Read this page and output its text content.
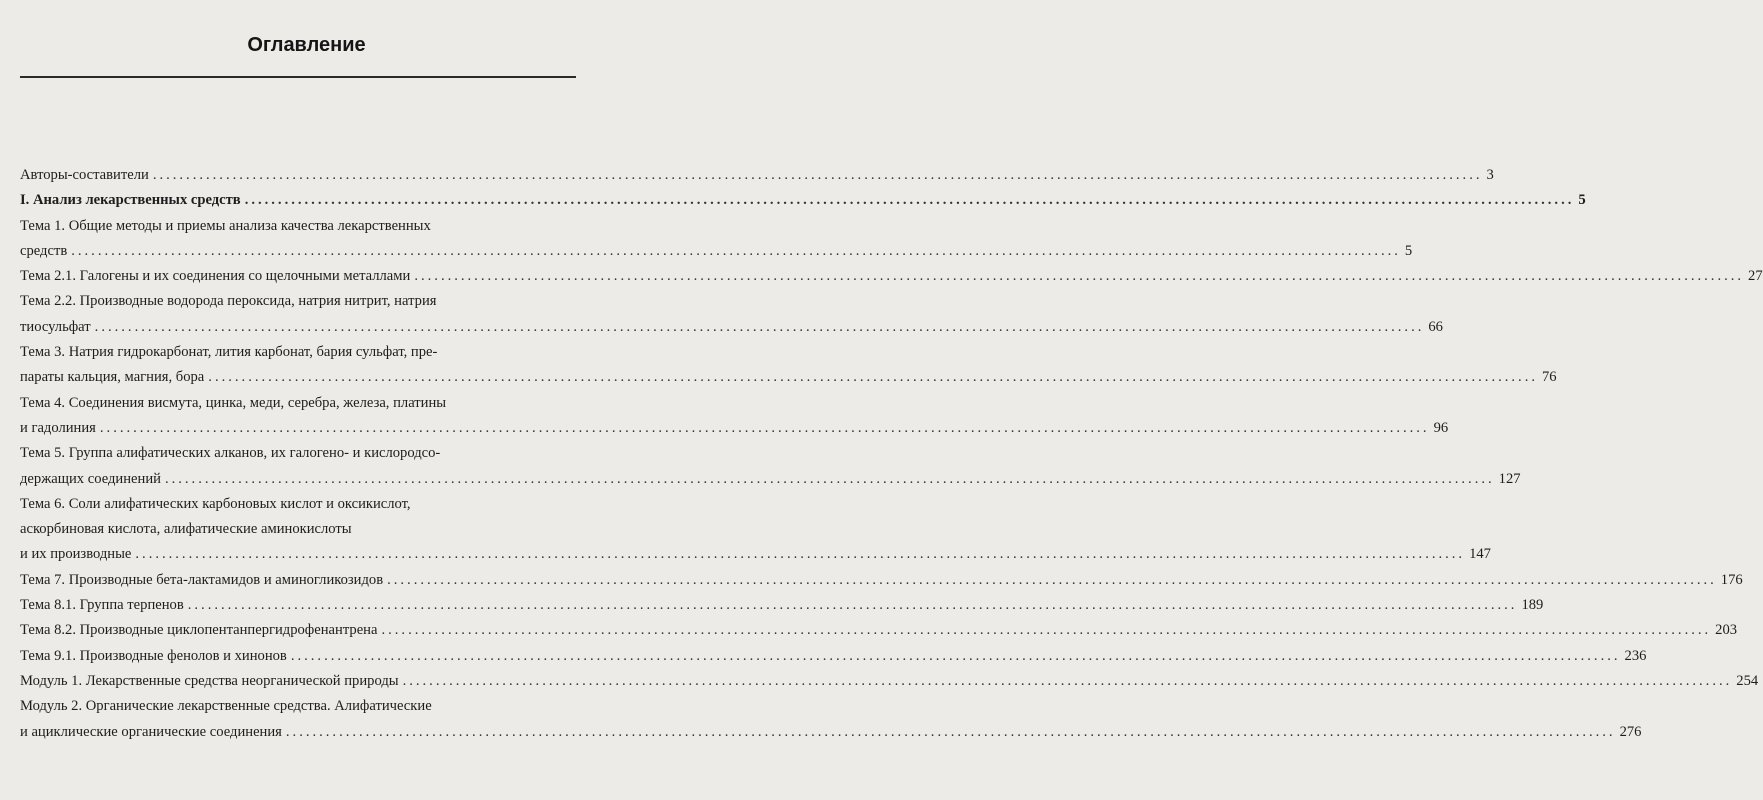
Оглавление
Авторы-составители ........................................................................................................................................................................................................ 3
I. Анализ лекарственных средств ........................................................................................................................................................................................................ 5
Тема 1. Общие методы и приемы анализа качества лекарственных
средств ........................................................................................................................................................................................................ 5
Тема 2.1. Галогены и их соединения со щелочными металлами ........................................................................................................................................................................................................ 27
Тема 2.2. Производные водорода пероксида, натрия нитрит, натрия
тиосульфат ........................................................................................................................................................................................................ 66
Тема 3. Натрия гидрокарбонат, лития карбонат, бария сульфат, пре-
параты кальция, магния, бора ........................................................................................................................................................................................................ 76
Тема 4. Соединения висмута, цинка, меди, серебра, железа, платины
и гадолиния ........................................................................................................................................................................................................ 96
Тема 5. Группа алифатических алканов, их галогено- и кислородсо-
держащих соединений ........................................................................................................................................................................................................ 127
Тема 6. Соли алифатических карбоновых кислот и оксикислот,
аскорбиновая кислота, алифатические аминокислоты
и их производные ........................................................................................................................................................................................................ 147
Тема 7. Производные бета-лактамидов и аминогликозидов ........................................................................................................................................................................................................ 176
Тема 8.1. Группа терпенов ........................................................................................................................................................................................................ 189
Тема 8.2. Производные циклопентанпергидрофенантрена ........................................................................................................................................................................................................ 203
Тема 9.1. Производные фенолов и хинонов ........................................................................................................................................................................................................ 236
Модуль 1. Лекарственные средства неорганической природы ........................................................................................................................................................................................................ 254
Модуль 2. Органические лекарственные средства. Алифатические
и ациклические органические соединения ........................................................................................................................................................................................................ 276
